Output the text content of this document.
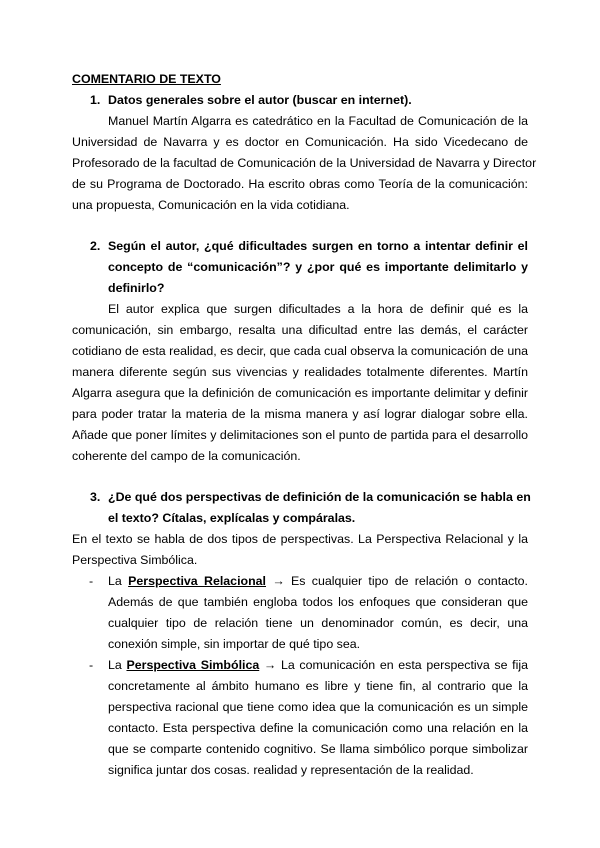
COMENTARIO DE TEXTO
1. Datos generales sobre el autor (buscar en internet).
Manuel Martín Algarra es catedrático en la Facultad de Comunicación de la
Universidad de Navarra y es doctor en Comunicación. Ha sido Vicedecano de
Profesorado de la facultad de Comunicación de la Universidad de Navarra y Director
de su Programa de Doctorado. Ha escrito obras como Teoría de la comunicación:
una propuesta, Comunicación en la vida cotidiana.
2. Según el autor, ¿qué dificultades surgen en torno a intentar definir el
concepto de “comunicación”? y ¿por qué es importante delimitarlo y
definirlo?
El autor explica que surgen dificultades a la hora de definir qué es la
comunicación, sin embargo, resalta una dificultad entre las demás, el carácter
cotidiano de esta realidad, es decir, que cada cual observa la comunicación de una
manera diferente según sus vivencias y realidades totalmente diferentes. Martín
Algarra asegura que la definición de comunicación es importante delimitar y definir
para poder tratar la materia de la misma manera y así lograr dialogar sobre ella.
Añade que poner límites y delimitaciones son el punto de partida para el desarrollo
coherente del campo de la comunicación.
3. ¿De qué dos perspectivas de definición de la comunicación se habla en
el texto? Cítalas, explícalas y compáralas.
En el texto se habla de dos tipos de perspectivas. La Perspectiva Relacional y la
Perspectiva Simbólica.
- La Perspectiva Relacional → Es cualquier tipo de relación o contacto.
Además de que también engloba todos los enfoques que consideran que
cualquier tipo de relación tiene un denominador común, es decir, una
conexión simple, sin importar de qué tipo sea.
- La Perspectiva Simbólica → La comunicación en esta perspectiva se fija
concretamente al ámbito humano es libre y tiene fin, al contrario que la
perspectiva racional que tiene como idea que la comunicación es un simple
contacto. Esta perspectiva define la comunicación como una relación en la
que se comparte contenido cognitivo. Se llama simbólico porque simbolizar
significa juntar dos cosas. realidad y representación de la realidad.
